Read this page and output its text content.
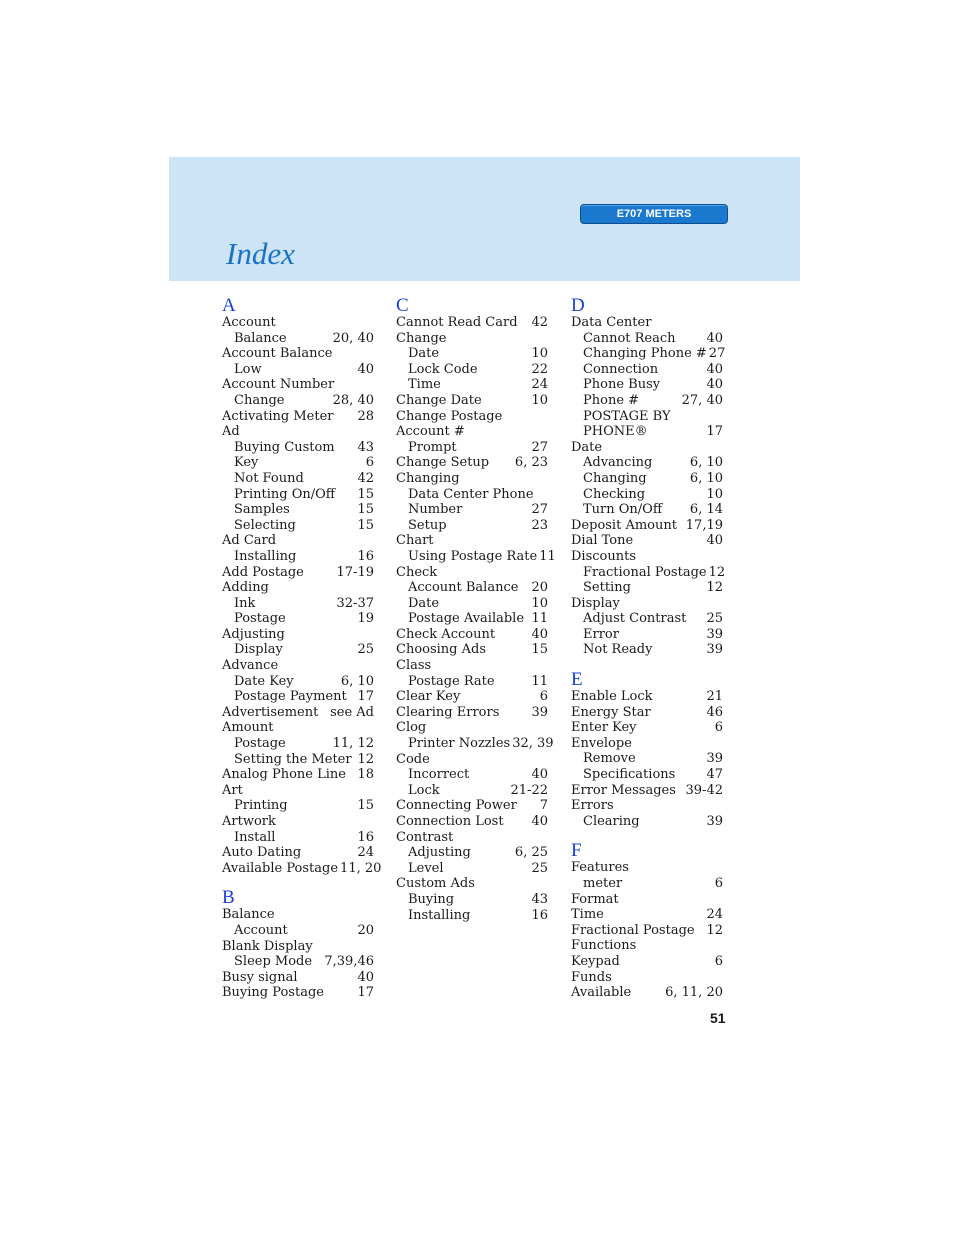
E707 METERS
Index
A
Account
Balance	20, 40
Account Balance
Low	40
Account Number
Change	28, 40
Activating Meter 28
Ad
Buying Custom 43
Key	6
Not Found	42
Printing On/Off 15
Samples	15
Selecting	15
Ad Card
Installing	16
Add Postage	17-19
Adding
Ink	32-37
Postage	19
Adjusting
Display	25
Advance
Date Key	6, 10
Postage Payment 17
Advertisement see Ad
Amount
Postage	11, 12
Setting the Meter 12
Analog Phone Line 18
Art
Printing	15
Artwork
Install	16
Auto Dating	24
Available Postage 11, 20
B
Balance
Account	20
Blank Display
Sleep Mode 7,39,46
Busy signal	40
Buying Postage	17
C
Cannot Read Card 42
Change
Date	10
Lock Code	22
Time	24
Change Date	10
Change Postage
Account #
Prompt	27
Change Setup 6, 23
Changing
Data Center Phone
Number	27
Setup	23
Chart
Using Postage Rate 11
Check
Account Balance 20
Date	10
Postage Available 11
Check Account	40
Choosing Ads	15
Class
Postage Rate	11
Clear Key	6
Clearing Errors 39
Clog
Printer Nozzles 32, 39
Code
Incorrect	40
Lock	21-22
Connecting Power 7
Connection Lost 40
Contrast
Adjusting	6, 25
Level	25
Custom Ads
Buying	43
Installing	16
D
Data Center
Cannot Reach 40
Changing Phone # 27
Connection	40
Phone Busy	40
Phone #	27, 40
POSTAGE BY
PHONE®	17
Date
Advancing	6, 10
Changing	6, 10
Checking	10
Turn On/Off 6, 14
Deposit Amount 17,19
Dial Tone	40
Discounts
Fractional Postage 12
Setting	12
Display
Adjust Contrast 25
Error	39
Not Ready	39
E
Enable Lock	21
Energy Star	46
Enter Key	6
Envelope
Remove	39
Specifications 47
Error Messages 39-42
Errors
Clearing	39
F
Features
meter	6
Format
Time	24
Fractional Postage 12
Functions
Keypad	6
Funds
Available	6, 11, 20
51
